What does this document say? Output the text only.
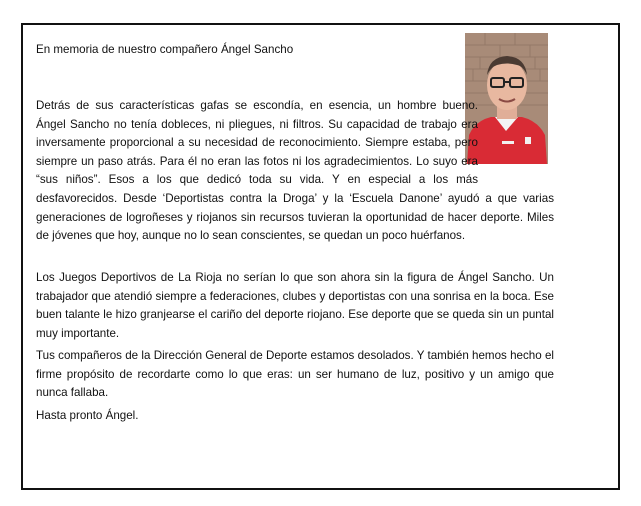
En memoria de nuestro compañero Ángel Sancho

Detrás de sus características gafas se escondía, en esencia, un hombre bueno. Ángel Sancho no tenía dobleces, ni pliegues, ni filtros. Su capacidad de trabajo era inversamente proporcional a su necesidad de reconocimiento. Siempre estaba, pero siempre un paso atrás. Para él no eran las fotos ni los agradecimientos. Lo suyo era “sus niños”. Esos a los que dedicó toda su vida. Y en especial a los más desfavorecidos. Desde ‘Deportistas contra la Droga’ y la ‘Escuela Danone’ ayudó a que varias generaciones de logroñeses y riojanos sin recursos tuvieran la oportunidad de hacer deporte. Miles de jóvenes que hoy, aunque no lo sean conscientes, se quedan un poco huérfanos.

Los Juegos Deportivos de La Rioja no serían lo que son ahora sin la figura de Ángel Sancho. Un trabajador que atendió siempre a federaciones, clubes y deportistas con una sonrisa en la boca. Ese buen talante le hizo granjearse el cariño del deporte riojano. Ese deporte que se queda sin un puntal muy importante.

Tus compañeros de la Dirección General de Deporte estamos desolados. Y también hemos hecho el firme propósito de recordarte como lo que eras: un ser humano de luz, positivo y un amigo que nunca fallaba.

Hasta pronto Ángel.
